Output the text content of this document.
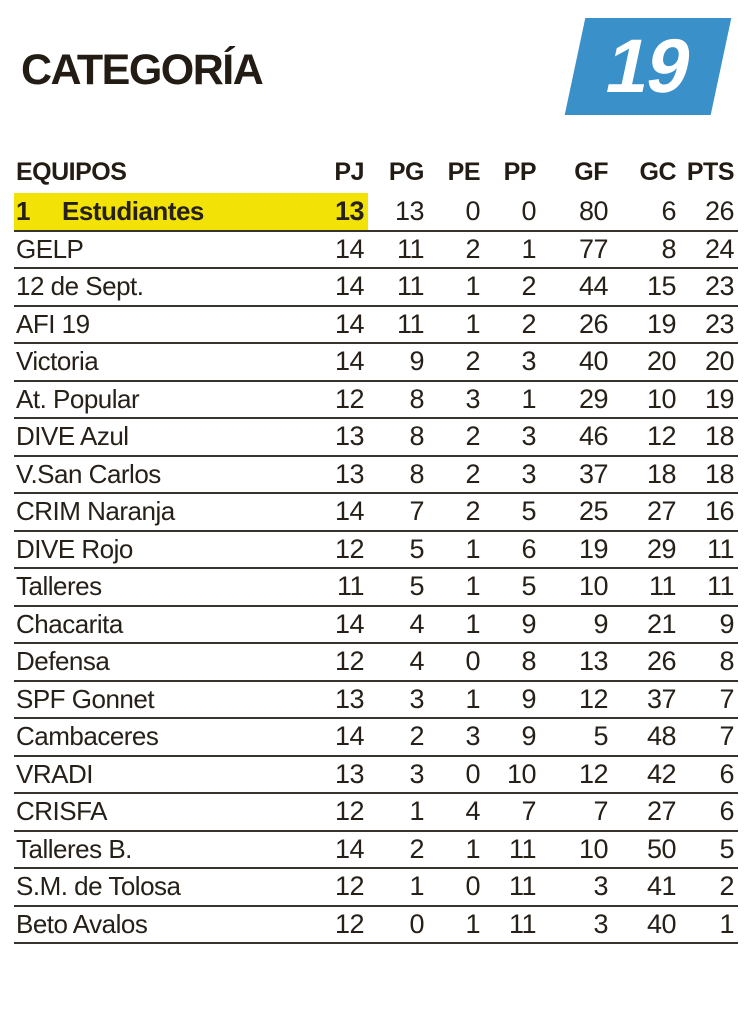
CATEGORÍA	19
EQUIPOS	PJ	PG	PE	PP	GF	GC	PTS
1 Estudiantes	13	13	0	0	80	6	26
GELP	14	11	2	1	77	8	24
12 de Sept.	14	11	1	2	44	15	23
AFI 19	14	11	1	2	26	19	23
Victoria	14	9	2	3	40	20	20
At. Popular	12	8	3	1	29	10	19
DIVE Azul	13	8	2	3	46	12	18
V.San Carlos	13	8	2	3	37	18	18
CRIM Naranja	14	7	2	5	25	27	16
DIVE Rojo	12	5	1	6	19	29	11
Talleres	11	5	1	5	10	11	11
Chacarita	14	4	1	9	9	21	9
Defensa	12	4	0	8	13	26	8
SPF Gonnet	13	3	1	9	12	37	7
Cambaceres	14	2	3	9	5	48	7
VRADI	13	3	0	10	12	42	6
CRISFA	12	1	4	7	7	27	6
Talleres B.	14	2	1	11	10	50	5
S.M. de Tolosa	12	1	0	11	3	41	2
Beto Avalos	12	0	1	11	3	40	1
